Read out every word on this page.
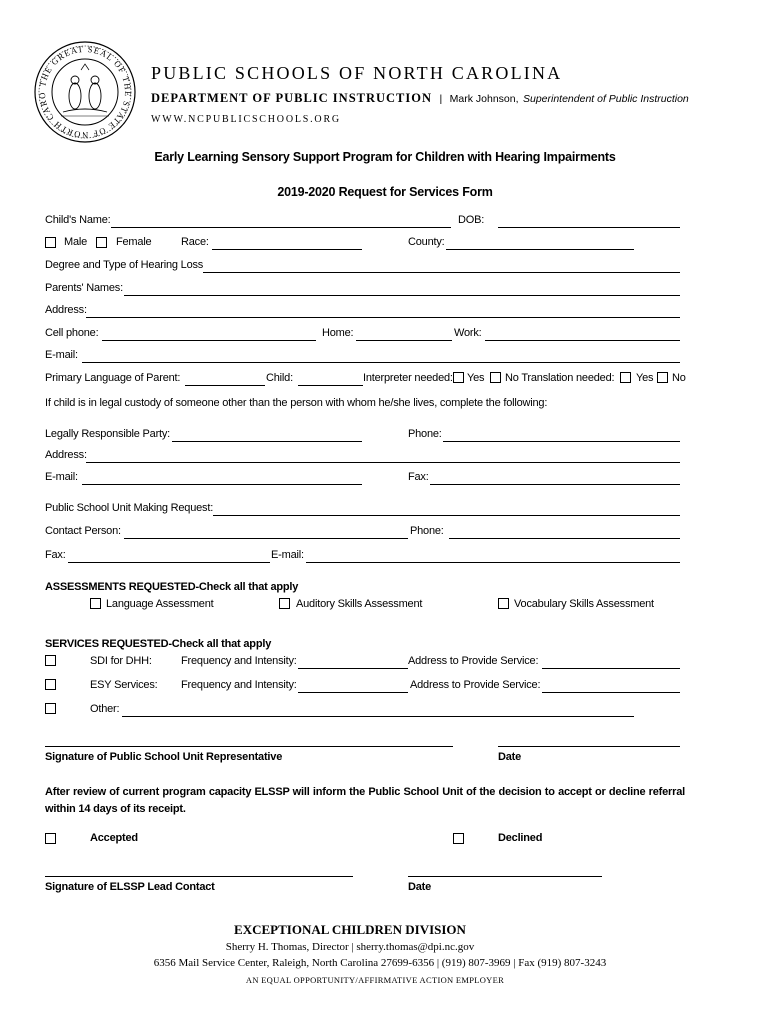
THE GREAT SEAL OF THE STATE OF NORTH CARO
PUBLIC SCHOOLS OF NORTH CAROLINA
DEPARTMENT OF PUBLIC INSTRUCTION | Mark Johnson, Superintendent of Public Instruction
WWW.NCPUBLICSCHOOLS.ORG
Early Learning Sensory Support Program for Children with Hearing Impairments
2019-2020 Request for Services Form
Child's Name:	DOB:
Male	Female	Race:	County:
Degree and Type of Hearing Loss
Parents' Names:
Address:
Cell phone:	Home:	Work:
E-mail:
Primary Language of Parent:	Child:	Interpreter needed: Yes No Translation needed: Yes No
If child is in legal custody of someone other than the person with whom he/she lives, complete the following:
Legally Responsible Party:	Phone:
Address:
E-mail:	Fax:
Public School Unit Making Request:
Contact Person:	Phone:
Fax:	E-mail:
ASSESSMENTS REQUESTED-Check all that apply
Language Assessment	Auditory Skills Assessment	Vocabulary Skills Assessment
SERVICES REQUESTED-Check all that apply
SDI for DHH:	Frequency and Intensity:	Address to Provide Service:
ESY Services: Frequency and Intensity:	Address to Provide Service:
Other:
Signature of Public School Unit Representative	Date
After review of current program capacity ELSSP will inform the Public School Unit of the decision to accept or decline referral within 14 days of its receipt.
Accepted	Declined
Signature of ELSSP Lead Contact	Date
EXCEPTIONAL CHILDREN DIVISION
Sherry H. Thomas, Director | sherry.thomas@dpi.nc.gov
6356 Mail Service Center, Raleigh, North Carolina 27699-6356 | (919) 807-3969 | Fax (919) 807-3243
AN EQUAL OPPORTUNITY/AFFIRMATIVE ACTION EMPLOYER
